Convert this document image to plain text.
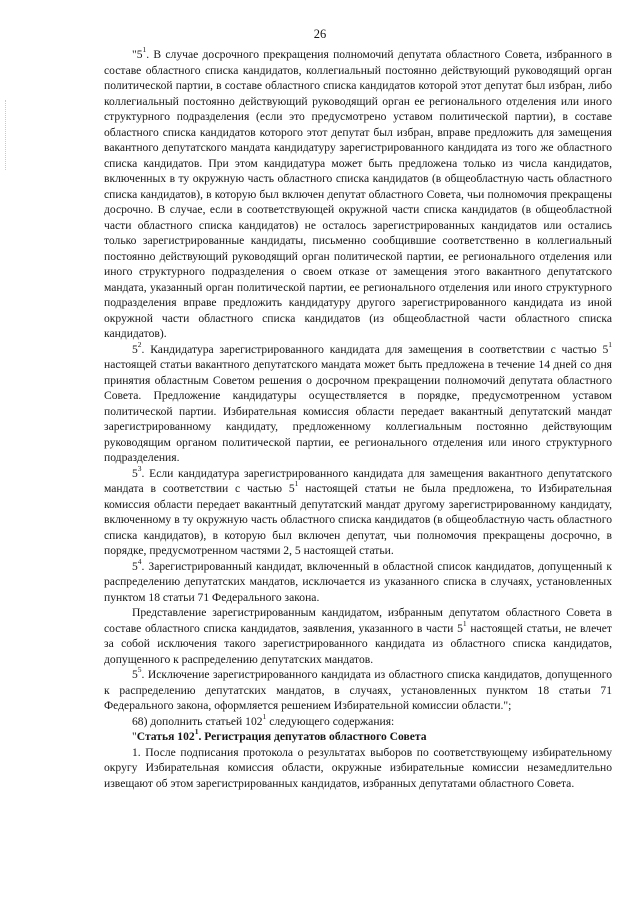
26

"$5^1$. В случае досрочного прекращения полномочий депутата областного Совета, избранного в составе областного списка кандидатов, коллегиальный постоянно действующий руководящий орган политической партии, в составе областного списка кандидатов которой этот депутат был избран, либо коллегиальный постоянно действующий руководящий орган ее регионального отделения или иного структурного подразделения (если это предусмотрено уставом политической партии), в составе областного списка кандидатов которого этот депутат был избран, вправе предложить для замещения вакантного депутатского мандата кандидатуру зарегистрированного кандидата из того же областного списка кандидатов. При этом кандидатура может быть предложена только из числа кандидатов, включенных в ту окружную часть областного списка кандидатов (в общеобластную часть областного списка кандидатов), в которую был включен депутат областного Совета, чьи полномочия прекращены досрочно. В случае, если в соответствующей окружной части списка кандидатов (в общеобластной части областного списка кандидатов) не осталось зарегистрированных кандидатов или остались только зарегистрированные кандидаты, письменно сообщившие соответственно в коллегиальный постоянно действующий руководящий орган политической партии, ее регионального отделения или иного структурного подразделения о своем отказе от замещения этого вакантного депутатского мандата, указанный орган политической партии, ее регионального отделения или иного структурного подразделения вправе предложить кандидатуру другого зарегистрированного кандидата из иной окружной части областного списка кандидатов (из общеобластной части областного списка кандидатов).

$5^2$. Кандидатура зарегистрированного кандидата для замещения в соответствии с частью $5^1$ настоящей статьи вакантного депутатского мандата может быть предложена в течение 14 дней со дня принятия областным Советом решения о досрочном прекращении полномочий депутата областного Совета. Предложение кандидатуры осуществляется в порядке, предусмотренном уставом политической партии. Избирательная комиссия области передает вакантный депутатский мандат зарегистрированному кандидату, предложенному коллегиальным постоянно действующим руководящим органом политической партии, ее регионального отделения или иного структурного подразделения.

$5^3$. Если кандидатура зарегистрированного кандидата для замещения вакантного депутатского мандата в соответствии с частью $5^1$ настоящей статьи не была предложена, то Избирательная комиссия области передает вакантный депутатский мандат другому зарегистрированному кандидату, включенному в ту окружную часть областного списка кандидатов (в общеобластную часть областного списка кандидатов), в которую был включен депутат, чьи полномочия прекращены досрочно, в порядке, предусмотренном частями 2, 5 настоящей статьи.

$5^4$. Зарегистрированный кандидат, включенный в областной список кандидатов, допущенный к распределению депутатских мандатов, исключается из указанного списка в случаях, установленных пунктом 18 статьи 71 Федерального закона.

Представление зарегистрированным кандидатом, избранным депутатом областного Совета в составе областного списка кандидатов, заявления, указанного в части $5^1$ настоящей статьи, не влечет за собой исключения такого зарегистрированного кандидата из областного списка кандидатов, допущенного к распределению депутатских мандатов.

$5^5$. Исключение зарегистрированного кандидата из областного списка кандидатов, допущенного к распределению депутатских мандатов, в случаях, установленных пунктом 18 статьи 71 Федерального закона, оформляется решением Избирательной комиссии области.";

68) дополнить статьей $102^1$ следующего содержания:

"Статья $102^1$. Регистрация депутатов областного Совета

1. После подписания протокола о результатах выборов по соответствующему избирательному округу Избирательная комиссия области, окружные избирательные комиссии незамедлительно извещают об этом зарегистрированных кандидатов, избранных депутатами областного Совета.
